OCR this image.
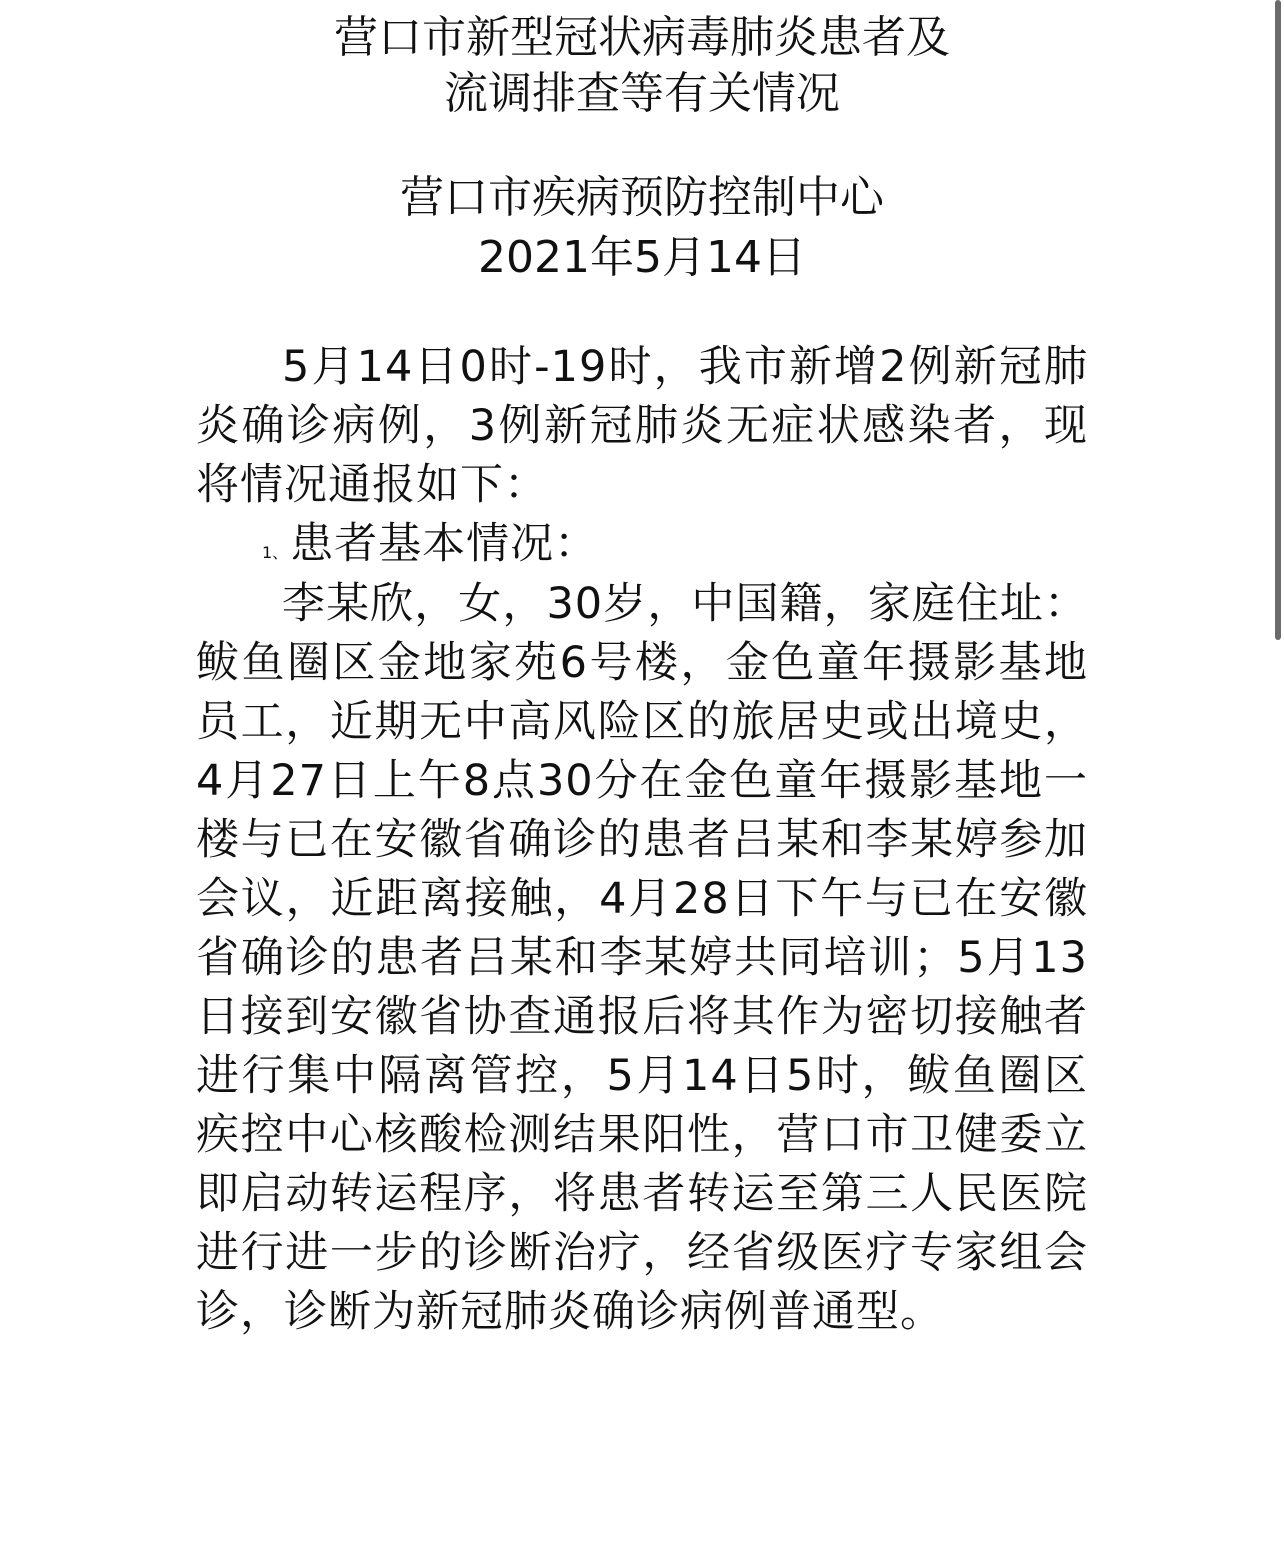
营口市新型冠状病毒肺炎患者及
流调排查等有关情况
营口市疾病预防控制中心
2021年5月14日

5月14日0时-19时，我市新增2例新冠肺炎确诊病例，3例新冠肺炎无症状感染者，现将情况通报如下：

1、患者基本情况：

李某欣，女，30岁，中国籍，家庭住址：鲅鱼圈区金地家苑6号楼，金色童年摄影基地员工，近期无中高风险区的旅居史或出境史，4月27日上午8点30分在金色童年摄影基地一楼与已在安徽省确诊的患者吕某和李某婷参加会议，近距离接触，4月28日下午与已在安徽省确诊的患者吕某和李某婷共同培训；5月13日接到安徽省协查通报后将其作为密切接触者进行集中隔离管控，5月14日5时，鲅鱼圈区疾控中心核酸检测结果阳性，营口市卫健委立即启动转运程序，将患者转运至第三人民医院进行进一步的诊断治疗，经省级医疗专家组会诊，诊断为新冠肺炎确诊病例普通型。
